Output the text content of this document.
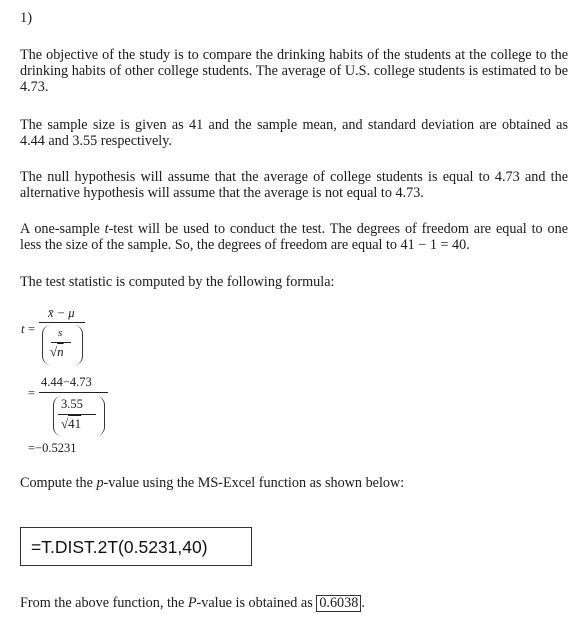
1)
The objective of the study is to compare the drinking habits of the students at the college to the drinking habits of other college students. The average of U.S. college students is estimated to be 4.73.
The sample size is given as 41 and the sample mean, and standard deviation are obtained as 4.44 and 3.55 respectively.
The null hypothesis will assume that the average of college students is equal to 4.73 and the alternative hypothesis will assume that the average is not equal to 4.73.
A one-sample t-test will be used to conduct the test. The degrees of freedom are equal to one less the size of the sample. So, the degrees of freedom are equal to 41 − 1 = 40.
The test statistic is computed by the following formula:
t =
x̄ − μ
s
√n
4.44−4.73
=
3.55
√41
=−0.5231
Compute the p-value using the MS-Excel function as shown below:
=T.DIST.2T(0.5231,40)
From the above function, the P-value is obtained as 0.6038 .
